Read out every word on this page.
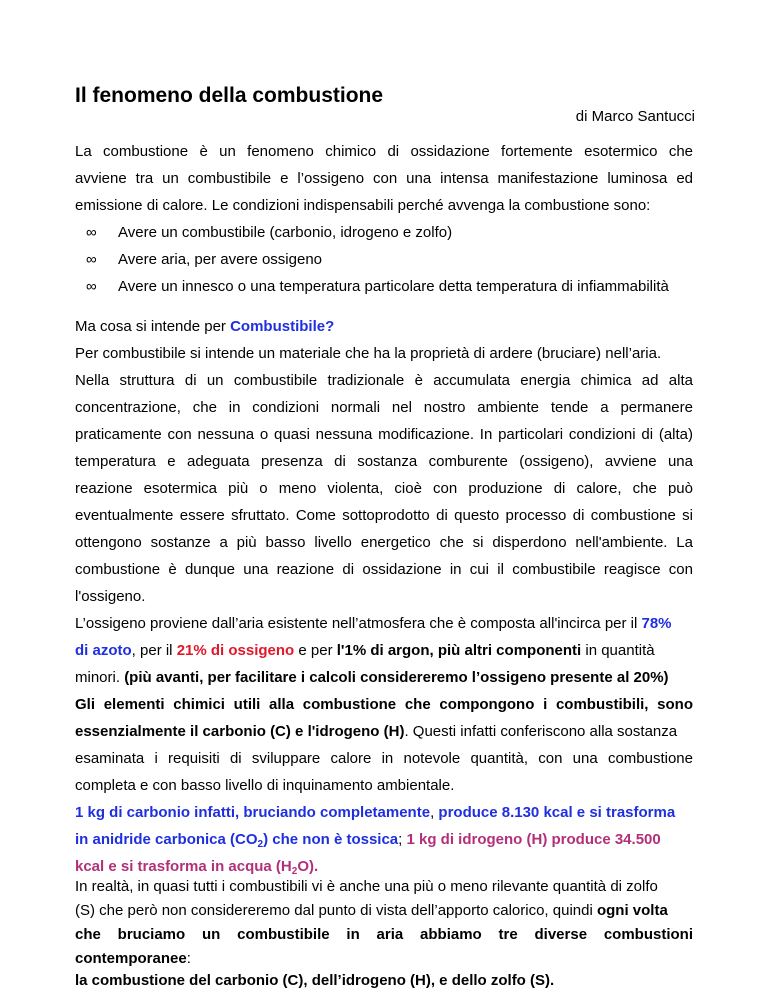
Il fenomeno della combustione
di Marco Santucci
La combustione è un fenomeno chimico di ossidazione fortemente esotermico che
avviene tra un combustibile e l’ossigeno con una intensa manifestazione luminosa ed
emissione di calore. Le condizioni indispensabili perché avvenga la combustione sono:
∞ Avere un combustibile (carbonio, idrogeno e zolfo)
∞ Avere aria, per avere ossigeno
∞ Avere un innesco o una temperatura particolare detta temperatura di infiammabilità
Ma cosa si intende per Combustibile?
Per combustibile si intende un materiale che ha la proprietà di ardere (bruciare) nell’aria.
Nella struttura di un combustibile tradizionale è accumulata energia chimica ad alta
concentrazione, che in condizioni normali nel nostro ambiente tende a permanere
praticamente con nessuna o quasi nessuna modificazione. In particolari condizioni di (alta)
temperatura e adeguata presenza di sostanza comburente (ossigeno), avviene una
reazione esotermica più o meno violenta, cioè con produzione di calore, che può
eventualmente essere sfruttato. Come sottoprodotto di questo processo di combustione si
ottengono sostanze a più basso livello energetico che si disperdono nell'ambiente. La
combustione è dunque una reazione di ossidazione in cui il combustibile reagisce con
l'ossigeno.
L’ossigeno proviene dall’aria esistente nell’atmosfera che è composta all'incirca per il 78%
di azoto, per il 21% di ossigeno e per l'1% di argon, più altri componenti in quantità
minori. (più avanti, per facilitare i calcoli considereremo l’ossigeno presente al 20%)
Gli elementi chimici utili alla combustione che compongono i combustibili, sono
essenzialmente il carbonio (C) e l'idrogeno (H). Questi infatti conferiscono alla sostanza
esaminata i requisiti di sviluppare calore in notevole quantità, con una combustione
completa e con basso livello di inquinamento ambientale.
1 kg di carbonio infatti, bruciando completamente, produce 8.130 kcal e si trasforma
in anidride carbonica $(CO_2)$ che non è tossica; 1 kg di idrogeno (H) produce 34.500
kcal e si trasforma in acqua $(H_2O)$.
In realtà, in quasi tutti i combustibili vi è anche una più o meno rilevante quantità di zolfo
(S) che però non considereremo dal punto di vista dell’apporto calorico, quindi ogni volta
che bruciamo un combustibile in aria abbiamo tre diverse combustioni
contemporanee:
la combustione del carbonio (C), dell’idrogeno (H), e dello zolfo (S).
